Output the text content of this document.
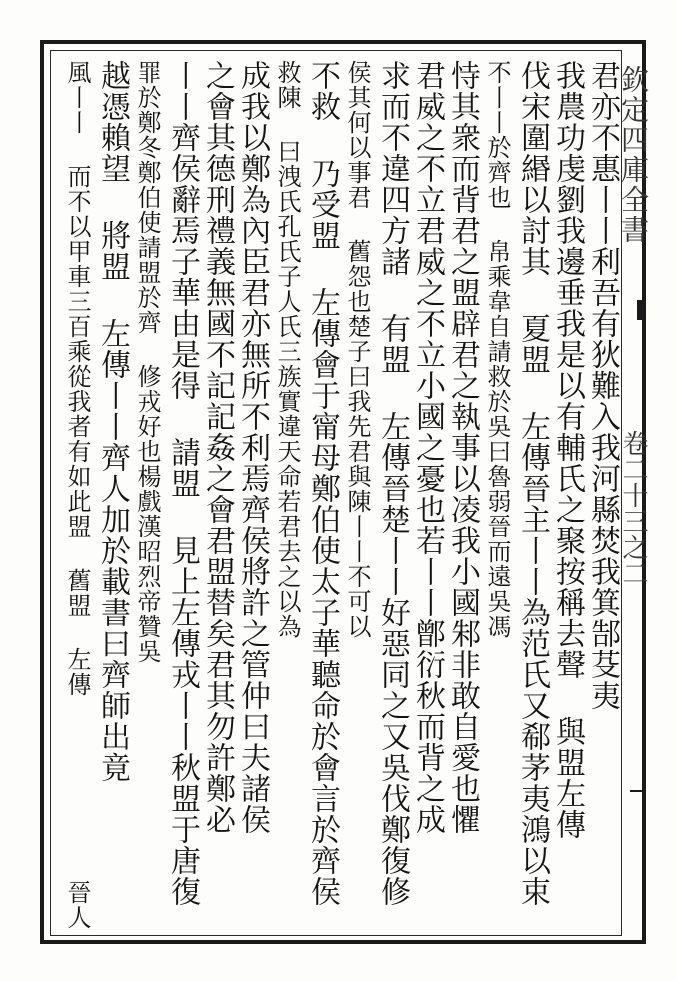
欽定四庫全書
卷二十三之二
君亦不惠丨丨利吾有狄難入我河縣焚我箕郜芟夷
我農功虔劉我邊垂我是以有輔氏之聚按稱去聲 與盟左傳
伐宋圍緡以討其 夏盟 左傳晉主丨丨為范氏又郗茅夷鴻以束
不丨丨於齊也 帛乘韋自請救於吳曰魯弱晉而遠吳馮
恃其衆而背君之盟辟君之執事以凌我小國邾非敢自愛也懼
君威之不立君威之不立小國之憂也若丨丨鄫衍秋而背之成
求而不違四方諸 有盟 左傳晉楚丨丨好惡同之又吳伐鄭復修
侯其何以事君 舊怨也楚子曰我先君與陳丨丨不可以
不救 乃受盟 左傳會于甯母鄭伯使太子華聽命於會言於齊侯
救陳 曰洩氏孔氏子人氏三族實違天命若君去之以為
成我以鄭為內臣君亦無所不利焉齊侯將許之管仲曰夫諸侯
之會其德刑禮義無國不記記姦之會君盟替矣君其勿許鄭必
丨丨齊侯辭焉子華由是得 請盟 見上左傳戎丨丨秋盟于唐復
罪於鄭冬鄭伯使請盟於齊 修戎好也楊戲漢昭烈帝贊吳
越憑賴望 將盟 左傳丨丨齊人加於載書曰齊師出竟
風丨丨 而不以甲車三百乘從我者有如此盟 舊盟 左傳
晉人
